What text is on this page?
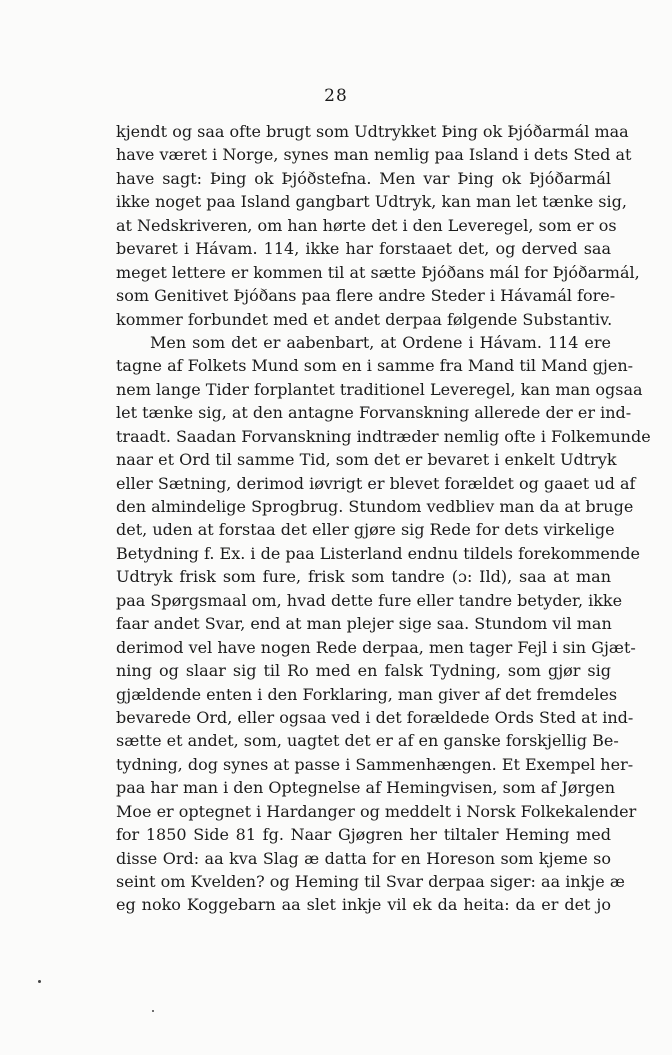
28
kjendt og saa ofte brugt som Udtrykket Þing ok Þjóðarmál maa
have været i Norge, synes man nemlig paa Island i dets Sted at
have sagt: Þing ok Þjóðstefna. Men var Þing ok Þjóðarmál
ikke noget paa Island gangbart Udtryk, kan man let tænke sig,
at Nedskriveren, om han hørte det i den Leveregel, som er os
bevaret i Hávam. 114, ikke har forstaaet det, og derved saa
meget lettere er kommen til at sætte Þjóðans mál for Þjóðarmál,
som Genitivet Þjóðans paa flere andre Steder i Hávamál fore-
kommer forbundet med et andet derpaa følgende Substantiv.
Men som det er aabenbart, at Ordene i Hávam. 114 ere
tagne af Folkets Mund som en i samme fra Mand til Mand gjen-
nem lange Tider forplantet traditionel Leveregel, kan man ogsaa
let tænke sig, at den antagne Forvanskning allerede der er ind-
traadt. Saadan Forvanskning indtræder nemlig ofte i Folkemunde
naar et Ord til samme Tid, som det er bevaret i enkelt Udtryk
eller Sætning, derimod iøvrigt er blevet forældet og gaaet ud af
den almindelige Sprogbrug. Stundom vedbliev man da at bruge
det, uden at forstaa det eller gjøre sig Rede for dets virkelige
Betydning f. Ex. i de paa Listerland endnu tildels forekommende
Udtryk frisk som fure, frisk som tandre (ɔ: Ild), saa at man
paa Spørgsmaal om, hvad dette fure eller tandre betyder, ikke
faar andet Svar, end at man plejer sige saa. Stundom vil man
derimod vel have nogen Rede derpaa, men tager Fejl i sin Gjæt-
ning og slaar sig til Ro med en falsk Tydning, som gjør sig
gjældende enten i den Forklaring, man giver af det fremdeles
bevarede Ord, eller ogsaa ved i det forældede Ords Sted at ind-
sætte et andet, som, uagtet det er af en ganske forskjellig Be-
tydning, dog synes at passe i Sammenhængen. Et Exempel her-
paa har man i den Optegnelse af Hemingvisen, som af Jørgen
Moe er optegnet i Hardanger og meddelt i Norsk Folkekalender
for 1850 Side 81 fg. Naar Gjøgren her tiltaler Heming med
disse Ord: aa kva Slag æ datta for en Horeson som kjeme so
seint om Kvelden? og Heming til Svar derpaa siger: aa inkje æ
eg noko Koggebarn aa slet inkje vil ek da heita: da er det jo
